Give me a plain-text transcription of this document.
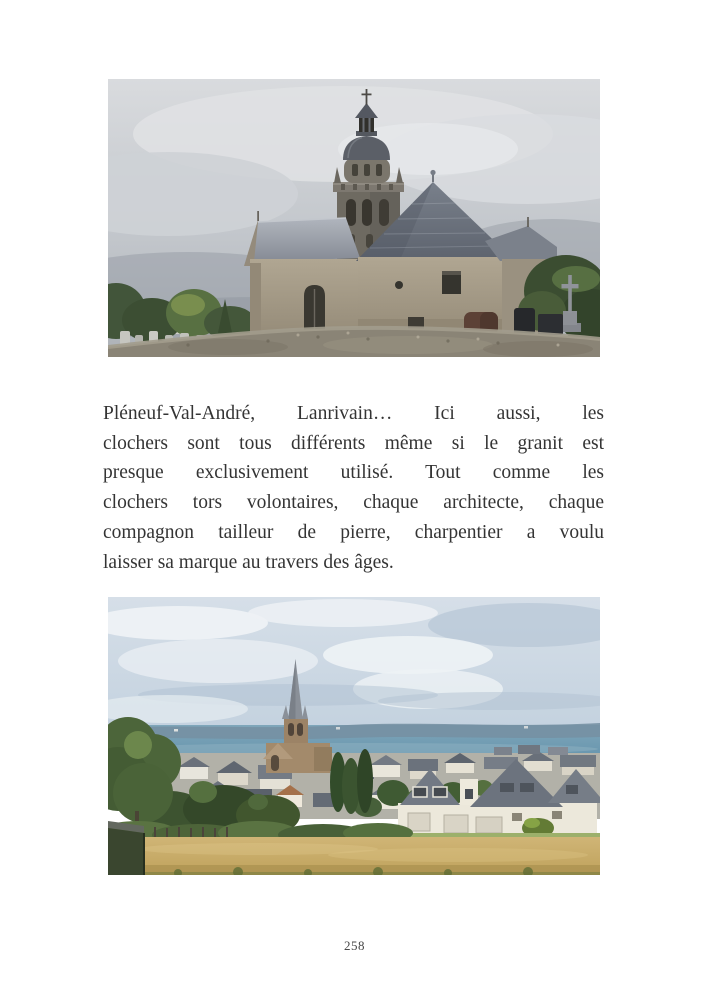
Pléneuf-Val-André, Lanrivain… Ici aussi, les
clochers sont tous différents même si le granit est
presque exclusivement utilisé. Tout comme les
clochers tors volontaires, chaque architecte, chaque
compagnon tailleur de pierre, charpentier a voulu
laisser sa marque au travers des âges.
258
